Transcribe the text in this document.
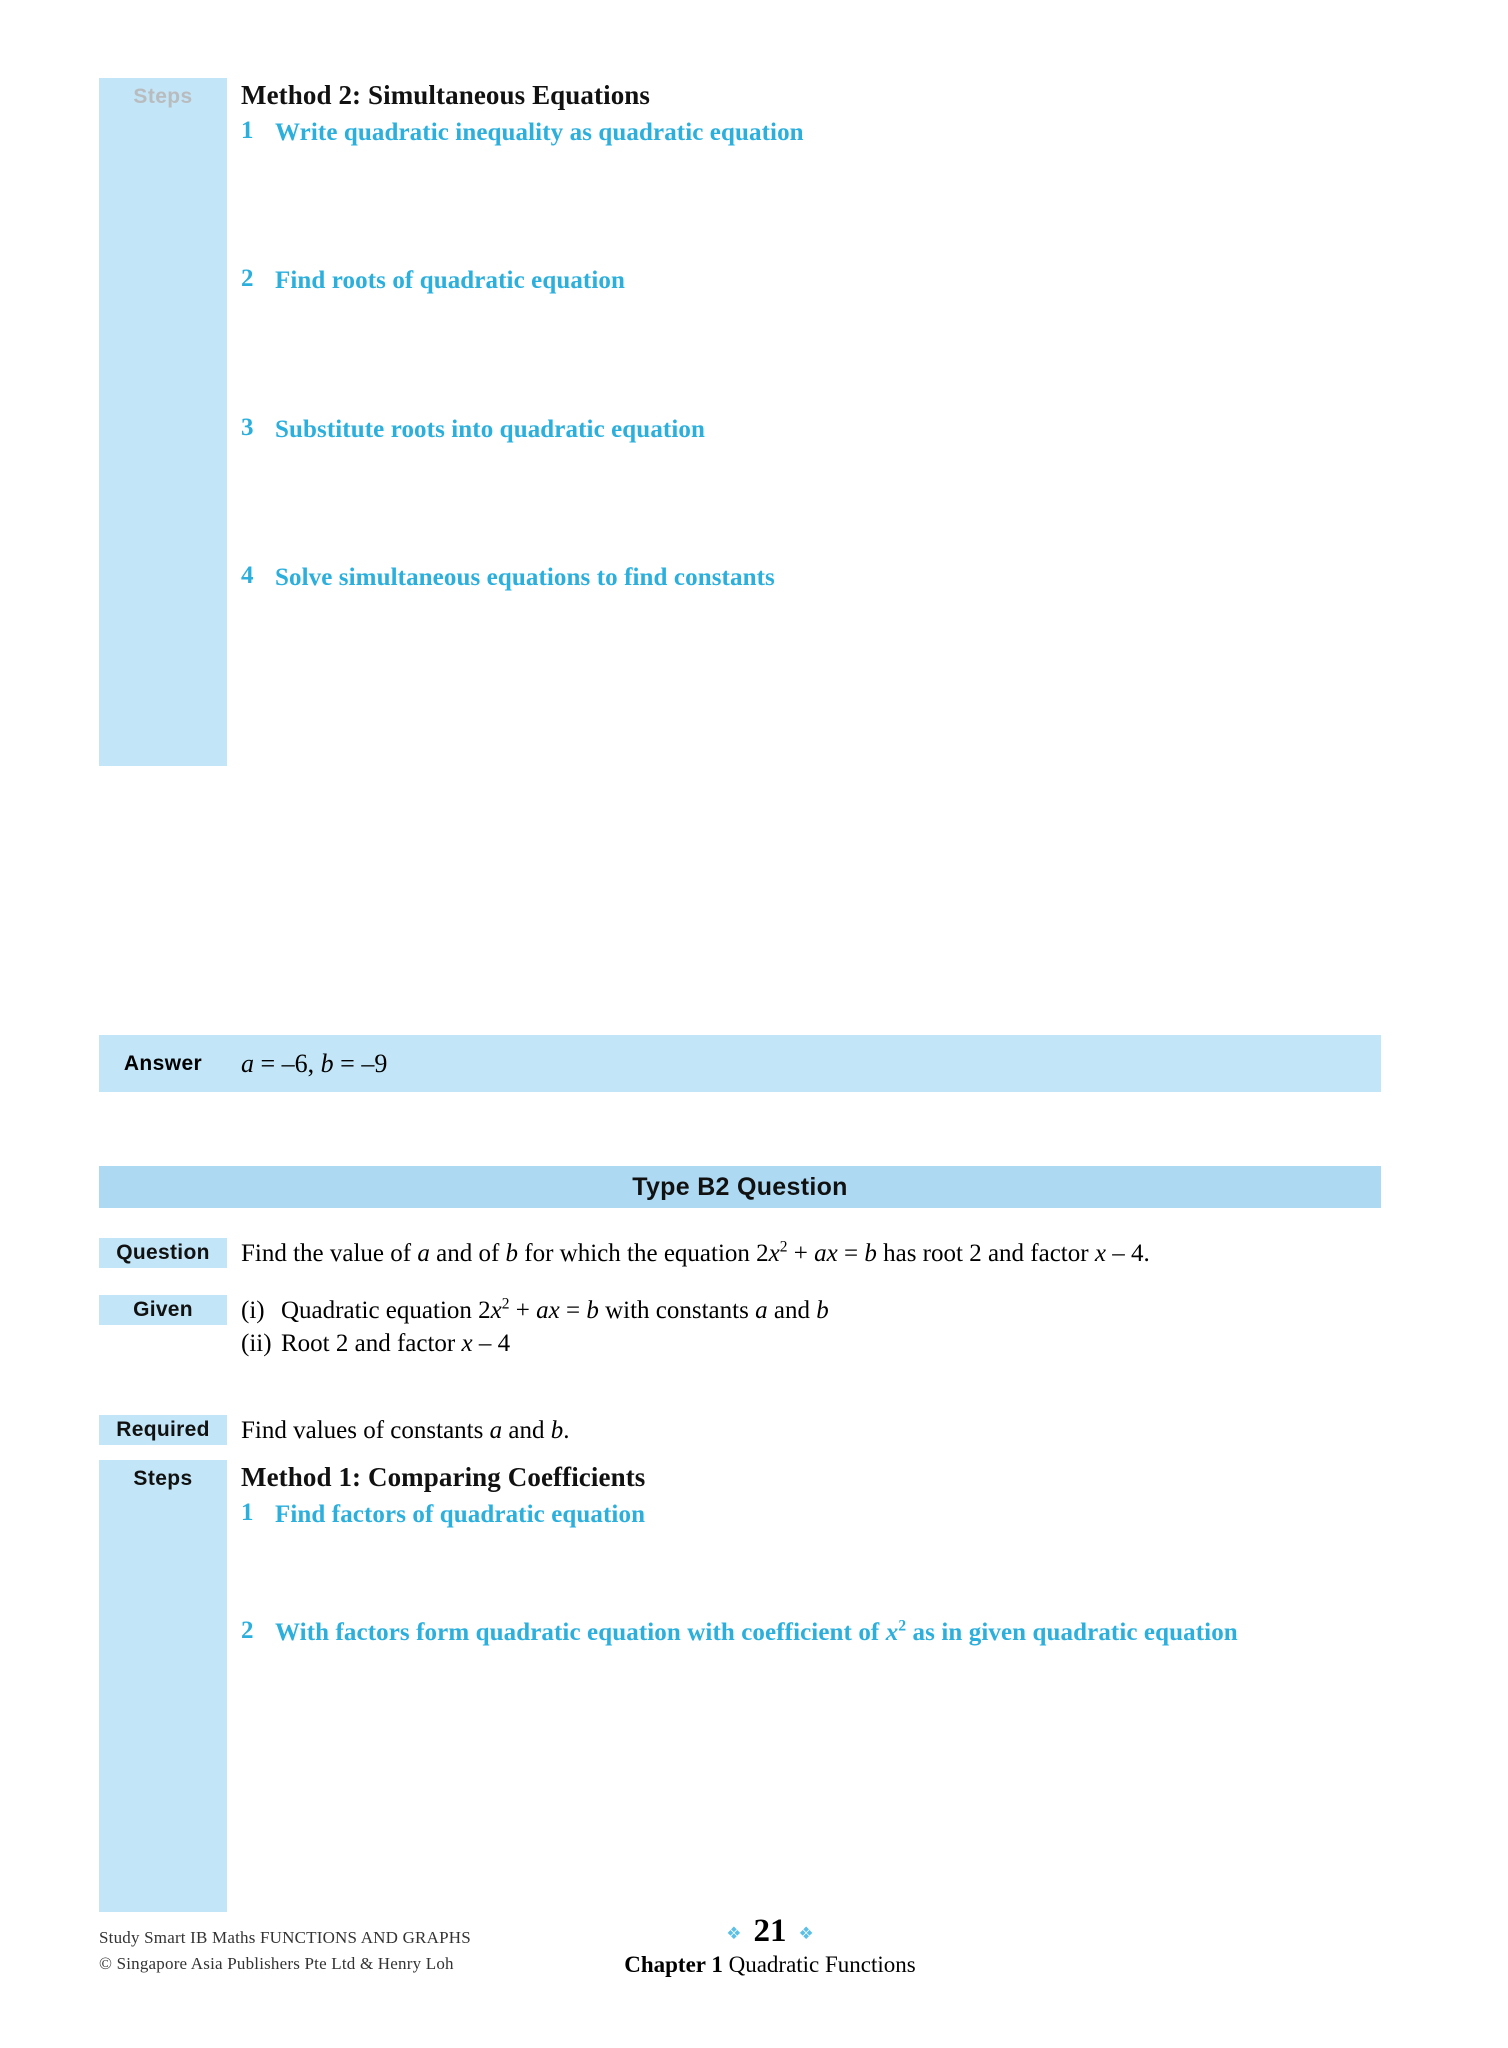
Steps	Method 2: Simultaneous Equations
1 Write quadratic inequality as quadratic equation
2 Find roots of quadratic equation
3 Substitute roots into quadratic equation
4 Solve simultaneous equations to find constants
Answer	a = –6, b = –9
Type B2 Question
Question	Find the value of a and of b for which the equation $2x^2$ + ax = b has root 2 and factor x – 4.
Given	(i) Quadratic equation $2x^2$ + ax = b with constants a and b
(ii) Root 2 and factor x – 4
Required	Find values of constants a and b.
Steps	Method 1: Comparing Coefficients
1 Find factors of quadratic equation
2 With factors form quadratic equation with coefficient of $x^2$ as in given quadratic equation
Study Smart IB Maths FUNCTIONS AND GRAPHS
© Singapore Asia Publishers Pte Ltd & Henry Loh
❖ 21 ❖
Chapter 1 Quadratic Functions
